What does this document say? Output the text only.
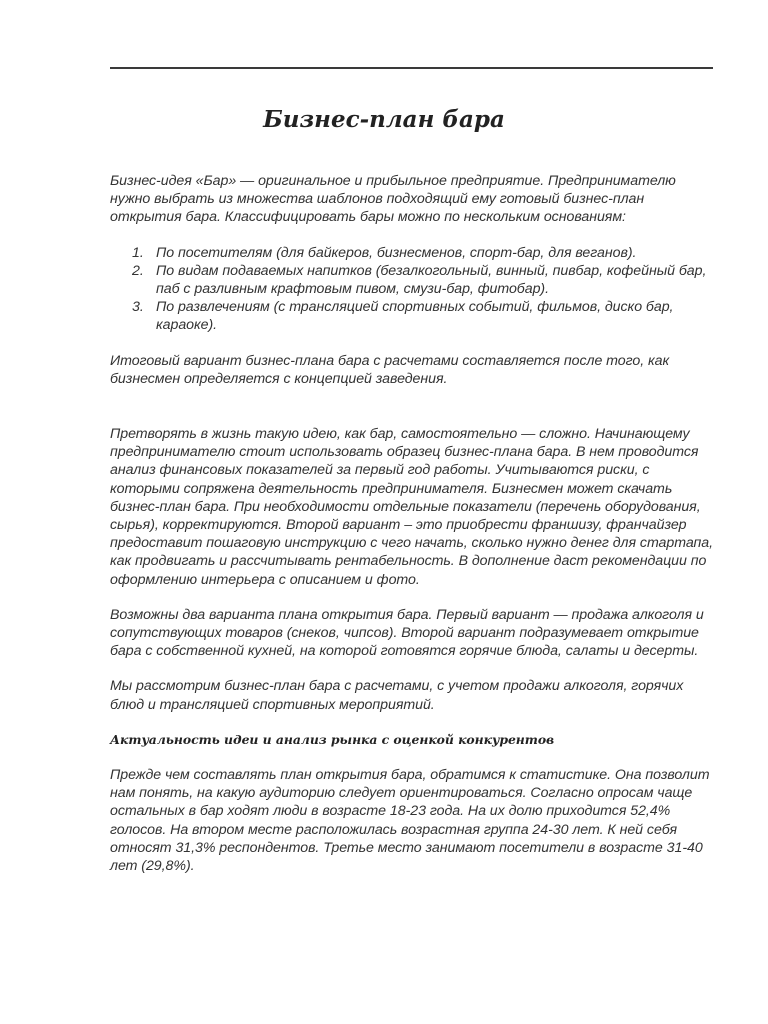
Бизнес-план бара

Бизнес-идея «Бар» — оригинальное и прибыльное предприятие. Предпринимателю нужно выбрать из множества шаблонов подходящий ему готовый бизнес-план открытия бара. Классифицировать бары можно по нескольким основаниям:

1. По посетителям (для байкеров, бизнесменов, спорт-бар, для веганов).
2. По видам подаваемых напитков (безалкогольный, винный, пивбар, кофейный бар, паб с разливным крафтовым пивом, смузи-бар, фитобар).
3. По развлечениям (с трансляцией спортивных событий, фильмов, диско бар, караоке).

Итоговый вариант бизнес-плана бара с расчетами составляется после того, как бизнесмен определяется с концепцией заведения.

Претворять в жизнь такую идею, как бар, самостоятельно — сложно. Начинающему предпринимателю стоит использовать образец бизнес-плана бара. В нем проводится анализ финансовых показателей за первый год работы. Учитываются риски, с которыми сопряжена деятельность предпринимателя. Бизнесмен может скачать бизнес-план бара. При необходимости отдельные показатели (перечень оборудования, сырья), корректируются. Второй вариант – это приобрести франшизу, франчайзер предоставит пошаговую инструкцию с чего начать, сколько нужно денег для стартапа, как продвигать и рассчитывать рентабельность. В дополнение даст рекомендации по оформлению интерьера с описанием и фото.

Возможны два варианта плана открытия бара. Первый вариант — продажа алкоголя и сопутствующих товаров (снеков, чипсов). Второй вариант подразумевает открытие бара с собственной кухней, на которой готовятся горячие блюда, салаты и десерты.

Мы рассмотрим бизнес-план бара с расчетами, с учетом продажи алкоголя, горячих блюд и трансляцией спортивных мероприятий.

Актуальность идеи и анализ рынка с оценкой конкурентов

Прежде чем составлять план открытия бара, обратимся к статистике. Она позволит нам понять, на какую аудиторию следует ориентироваться. Согласно опросам чаще остальных в бар ходят люди в возрасте 18-23 года. На их долю приходится 52,4% голосов. На втором месте расположилась возрастная группа 24-30 лет. К ней себя относят 31,3% респондентов. Третье место занимают посетители в возрасте 31-40 лет (29,8%).
